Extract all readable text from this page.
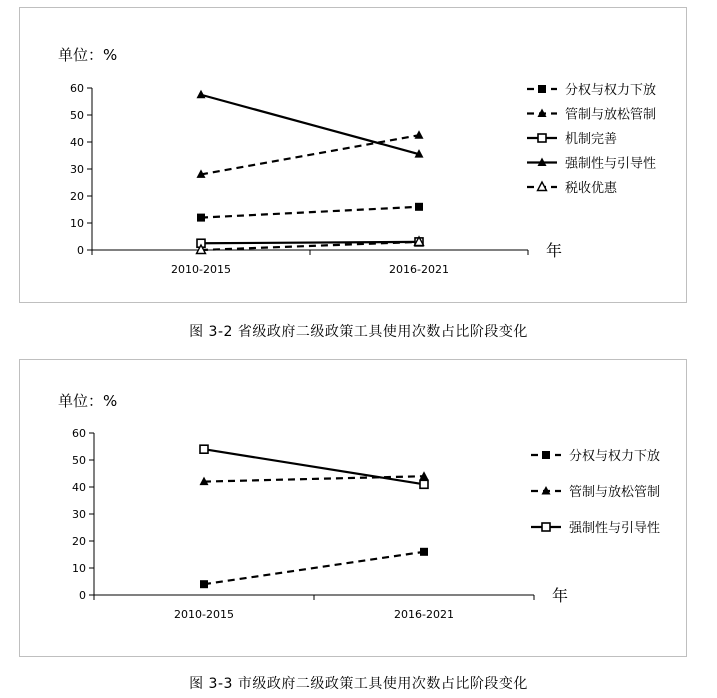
单位：%
0
10
20
30
40
50
60
2010-2015	2016-2021
年
分权与权力下放
管制与放松管制
机制完善
强制性与引导性
税收优惠
图 3-2 省级政府二级政策工具使用次数占比阶段变化
单位：%
0
10
20
30
40
50
60
2010-2015	2016-2021
年
分权与权力下放
管制与放松管制
强制性与引导性
图 3-3 市级政府二级政策工具使用次数占比阶段变化
